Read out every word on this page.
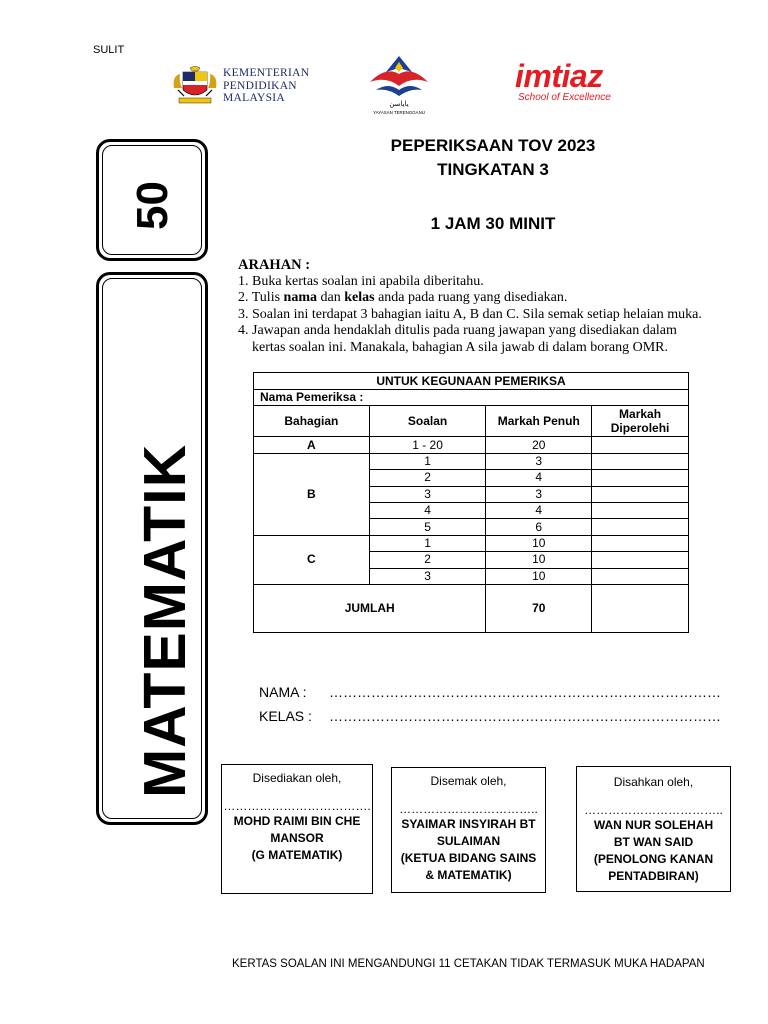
SULIT
KEMENTERIAN
PENDIDIKAN
MALAYSIA	ﻳﺎﻳﺎﺳﻦ
YAYASAN TERENGGANU
imtiaz
School of Excellence
PEPERIKSAAN TOV 2023
TINGKATAN 3
1 JAM 30 MINIT
50
MATEMATIK
ARAHAN :
1. Buka kertas soalan ini apabila diberitahu.
2. Tulis nama dan kelas anda pada ruang yang disediakan.
3. Soalan ini terdapat 3 bahagian iaitu A, B dan C. Sila semak setiap helaian muka.
4. Jawapan anda hendaklah ditulis pada ruang jawapan yang disediakan dalam
kertas soalan ini. Manakala, bahagian A sila jawab di dalam borang OMR.
UNTUK KEGUNAAN PEMERIKSA			
Nama Pemeriksa :			
Bahagian	Soalan	Markah Penuh	Markah Diperolehi
A	1 - 20	20	
B	1	3	
	2	4	
	3	3	
	4	4	
	5	6	
C	1	10	
	2	10	
	3	10	
JUMLAH		70	
NAMA : …………………………………………………………………………
KELAS : …………………………………………………………………………
Disediakan oleh,
……………………………….
MOHD RAIMI BIN CHE
MANSOR
(G MATEMATIK)
Disemak oleh,
……………………………..
SYAIMAR INSYIRAH BT
SULAIMAN
(KETUA BIDANG SAINS
& MATEMATIK)
Disahkan oleh,
……………………………..
WAN NUR SOLEHAH
BT WAN SAID
(PENOLONG KANAN
PENTADBIRAN)
KERTAS SOALAN INI MENGANDUNGI 11 CETAKAN TIDAK TERMASUK MUKA HADAPAN
